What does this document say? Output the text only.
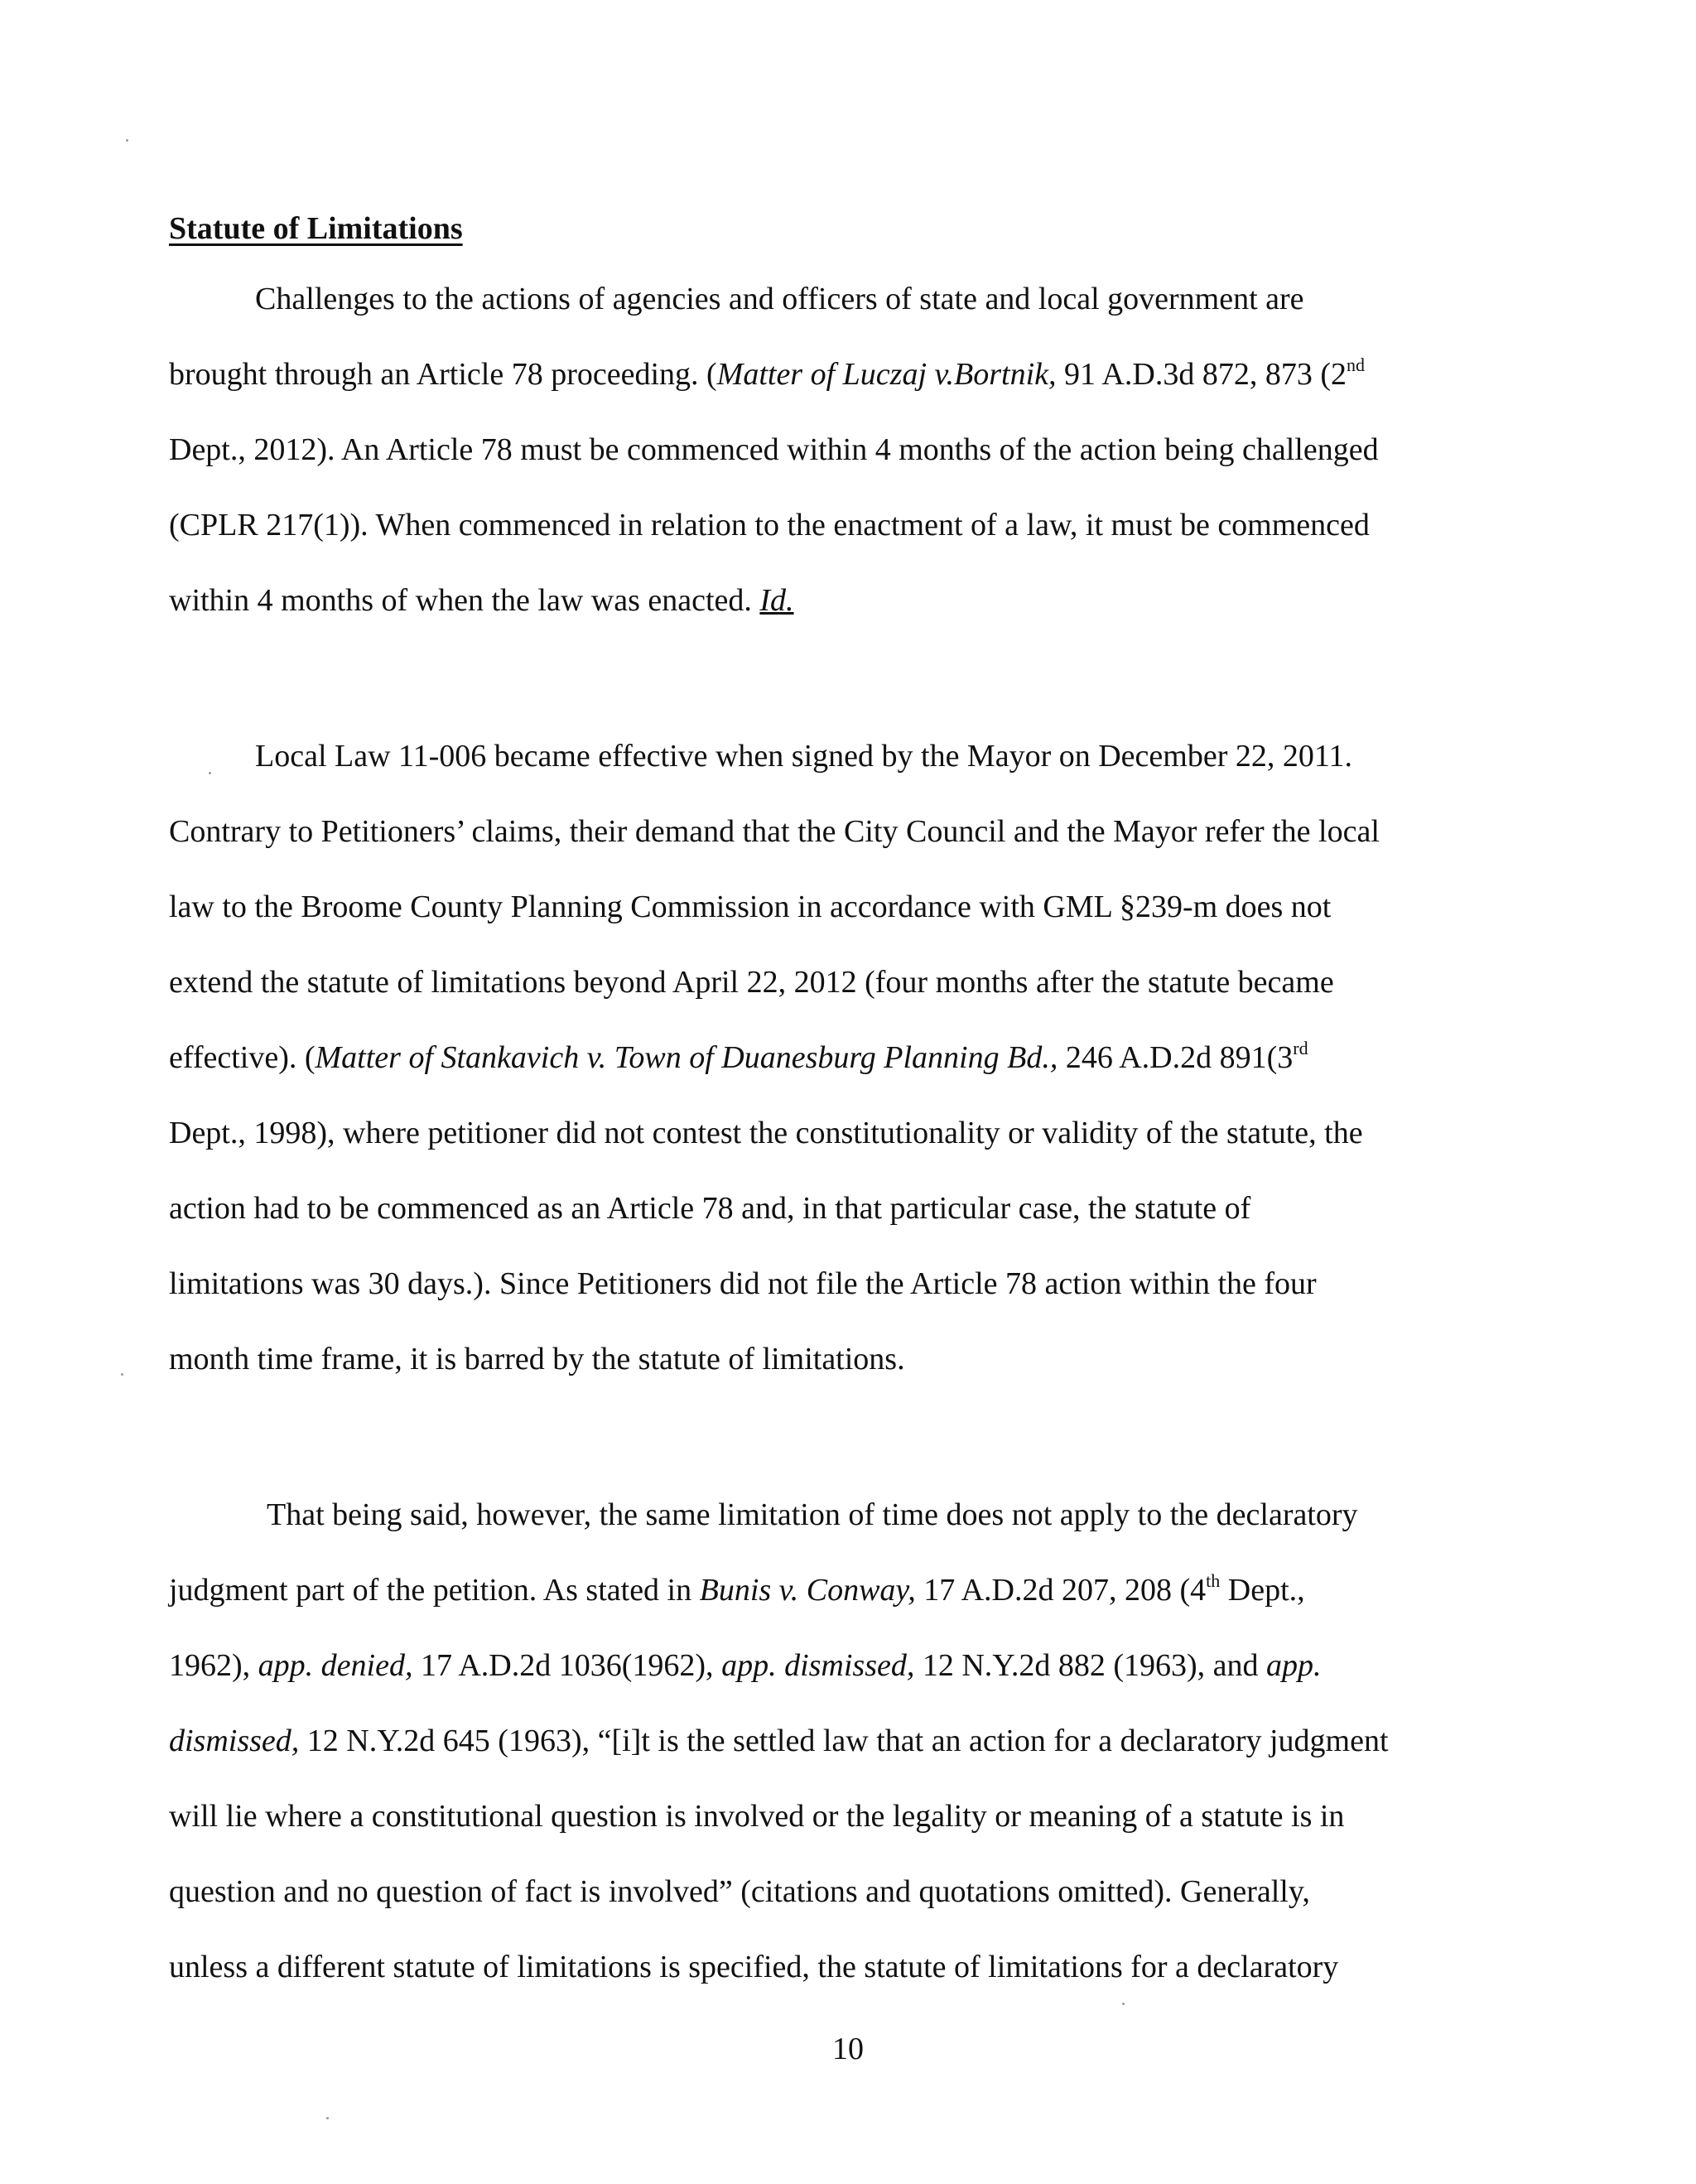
Statute of Limitations
Challenges to the actions of agencies and officers of state and local government are
brought through an Article 78 proceeding. (Matter of Luczaj v.Bortnik, 91 A.D.3d 872, 873 (2nd
Dept., 2012). An Article 78 must be commenced within 4 months of the action being challenged
(CPLR 217(1)). When commenced in relation to the enactment of a law, it must be commenced
within 4 months of when the law was enacted. Id.
Local Law 11-006 became effective when signed by the Mayor on December 22, 2011.
Contrary to Petitioners’ claims, their demand that the City Council and the Mayor refer the local
law to the Broome County Planning Commission in accordance with GML §239-m does not
extend the statute of limitations beyond April 22, 2012 (four months after the statute became
effective). (Matter of Stankavich v. Town of Duanesburg Planning Bd., 246 A.D.2d 891(3rd
Dept., 1998), where petitioner did not contest the constitutionality or validity of the statute, the
action had to be commenced as an Article 78 and, in that particular case, the statute of
limitations was 30 days.). Since Petitioners did not file the Article 78 action within the four
month time frame, it is barred by the statute of limitations.
That being said, however, the same limitation of time does not apply to the declaratory
judgment part of the petition. As stated in Bunis v. Conway, 17 A.D.2d 207, 208 (4th Dept.,
1962), app. denied, 17 A.D.2d 1036(1962), app. dismissed, 12 N.Y.2d 882 (1963), and app.
dismissed, 12 N.Y.2d 645 (1963), “[i]t is the settled law that an action for a declaratory judgment
will lie where a constitutional question is involved or the legality or meaning of a statute is in
question and no question of fact is involved” (citations and quotations omitted). Generally,
unless a different statute of limitations is specified, the statute of limitations for a declaratory
10
